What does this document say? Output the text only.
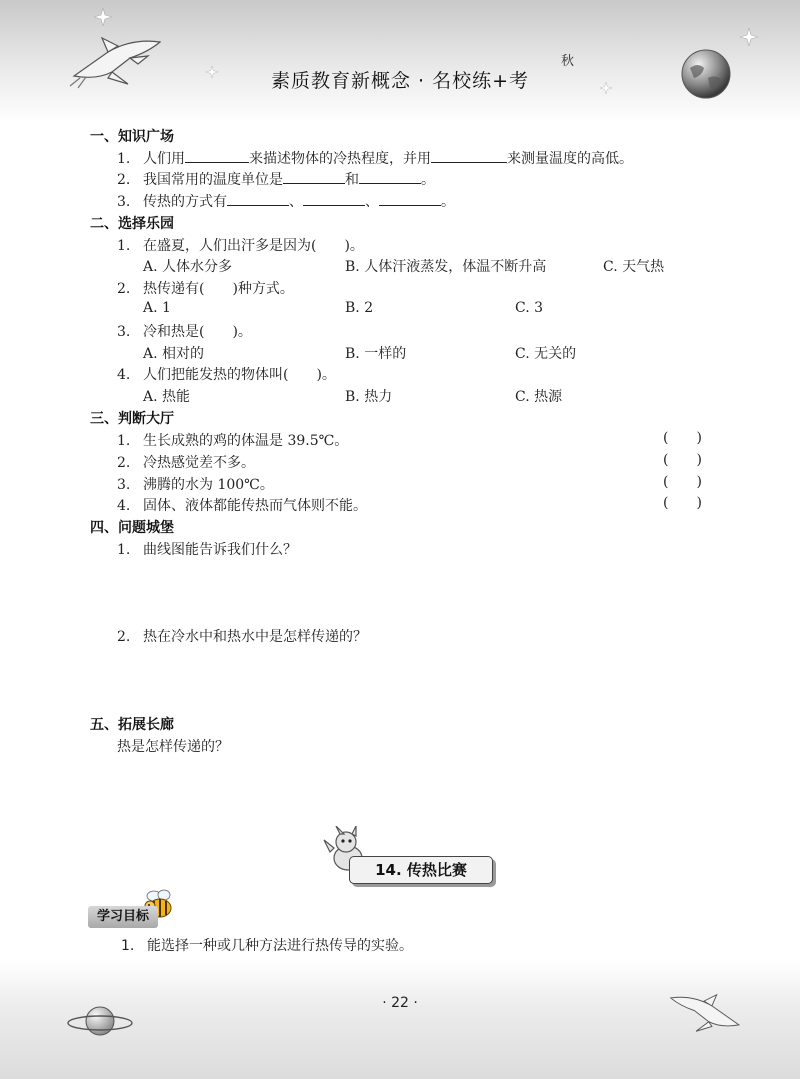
秋
素质教育新概念 · 名校练+考
一、知识广场
1. 人们用	来描述物体的冷热程度，并用	来测量温度的高低。
2. 我国常用的温度单位是	和	。
3. 传热的方式有	、	、	。
二、选择乐园
1. 在盛夏，人们出汗多是因为(　　)。
A. 人体水分多	B. 人体汗液蒸发，体温不断升高	C. 天气热
2. 热传递有(　　)种方式。
A. 1	B. 2	C. 3
3. 冷和热是(　　)。
A. 相对的	B. 一样的	C. 无关的
4. 人们把能发热的物体叫(　　)。
A. 热能	B. 热力	C. 热源
三、判断大厅
1. 生长成熟的鸡的体温是 39.5℃。	()
2. 冷热感觉差不多。	()
3. 沸腾的水为 100℃。	()
4. 固体、液体都能传热而气体则不能。	()
四、问题城堡
1. 曲线图能告诉我们什么？
2. 热在冷水中和热水中是怎样传递的？
五、拓展长廊
热是怎样传递的？
14. 传热比赛
学习目标
1. 能选择一种或几种方法进行热传导的实验。
· 22 ·
